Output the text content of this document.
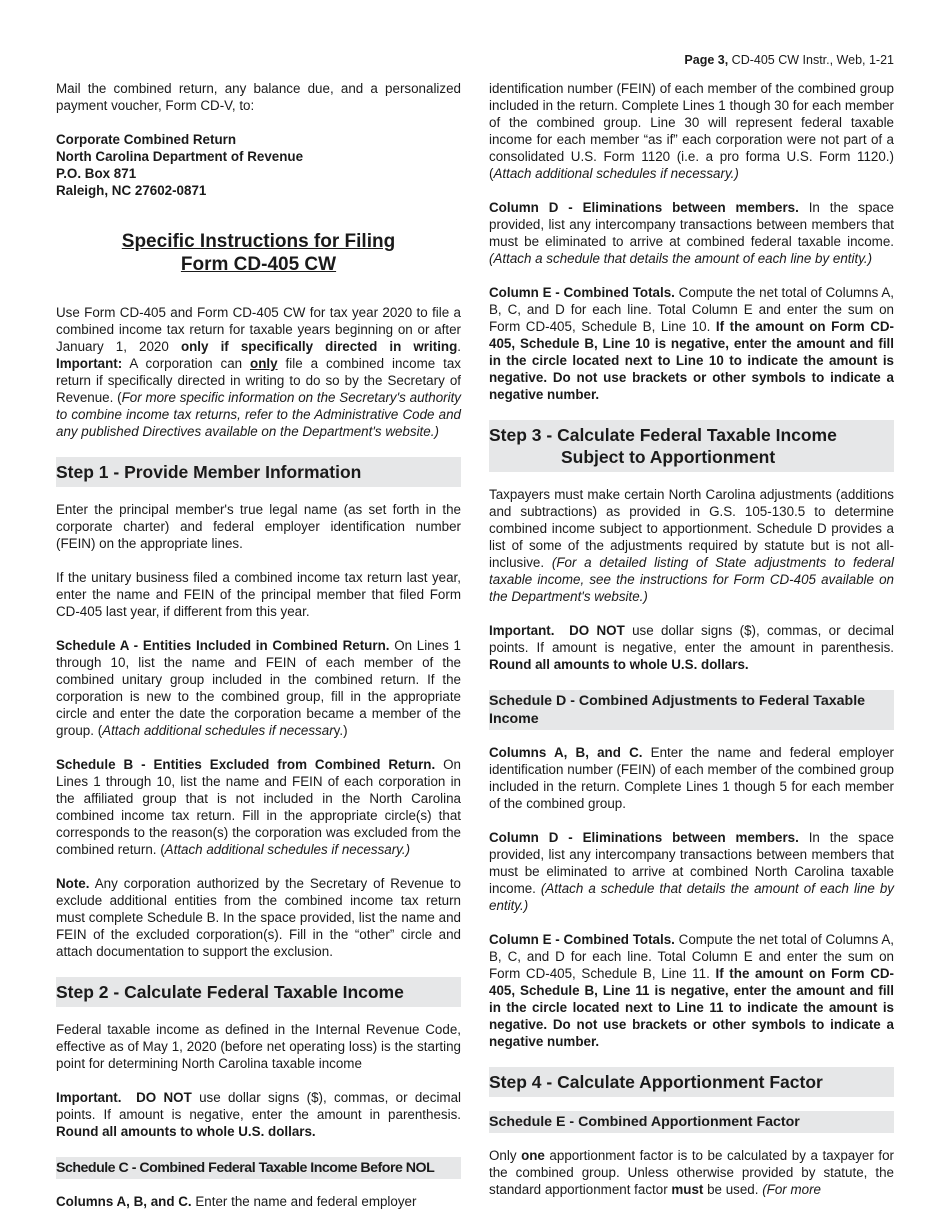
Page 3, CD-405 CW Instr., Web, 1-21

Mail the combined return, any balance due, and a personalized payment voucher, Form CD-V, to:

Corporate Combined Return
North Carolina Department of Revenue
P.O. Box 871
Raleigh, NC 27602-0871
Specific Instructions for Filing
Form CD-405 CW

Use Form CD-405 and Form CD-405 CW for tax year 2020 to file a combined income tax return for taxable years beginning on or after January 1, 2020 only if specifically directed in writing. Important: A corporation can only file a combined income tax return if specifically directed in writing to do so by the Secretary of Revenue. (For more specific information on the Secretary's authority to combine income tax returns, refer to the Administrative Code and any published Directives available on the Department's website.)

Step 1 - Provide Member Information

Enter the principal member's true legal name (as set forth in the corporate charter) and federal employer identification number (FEIN) on the appropriate lines.

If the unitary business filed a combined income tax return last year, enter the name and FEIN of the principal member that filed Form CD-405 last year, if different from this year.

Schedule A - Entities Included in Combined Return. On Lines 1 through 10, list the name and FEIN of each member of the combined unitary group included in the combined return. If the corporation is new to the combined group, fill in the appropriate circle and enter the date the corporation became a member of the group. (Attach additional schedules if necessary.)

Schedule B - Entities Excluded from Combined Return. On Lines 1 through 10, list the name and FEIN of each corporation in the affiliated group that is not included in the North Carolina combined income tax return. Fill in the appropriate circle(s) that corresponds to the reason(s) the corporation was excluded from the combined return. (Attach additional schedules if necessary.)

Note. Any corporation authorized by the Secretary of Revenue to exclude additional entities from the combined income tax return must complete Schedule B. In the space provided, list the name and FEIN of the excluded corporation(s). Fill in the “other” circle and attach documentation to support the exclusion.

Step 2 - Calculate Federal Taxable Income

Federal taxable income as defined in the Internal Revenue Code, effective as of May 1, 2020 (before net operating loss) is the starting point for determining North Carolina taxable income

Important. DO NOT use dollar signs ($), commas, or decimal points. If amount is negative, enter the amount in parenthesis. Round all amounts to whole U.S. dollars.

Schedule C - Combined Federal Taxable Income Before NOL

Columns A, B, and C. Enter the name and federal employer

identification number (FEIN) of each member of the combined group included in the return. Complete Lines 1 though 30 for each member of the combined group. Line 30 will represent federal taxable income for each member “as if” each corporation were not part of a consolidated U.S. Form 1120 (i.e. a pro forma U.S. Form 1120.) (Attach additional schedules if necessary.)

Column D - Eliminations between members. In the space provided, list any intercompany transactions between members that must be eliminated to arrive at combined federal taxable income. (Attach a schedule that details the amount of each line by entity.)

Column E - Combined Totals. Compute the net total of Columns A, B, C, and D for each line. Total Column E and enter the sum on Form CD-405, Schedule B, Line 10. If the amount on Form CD-405, Schedule B, Line 10 is negative, enter the amount and fill in the circle located next to Line 10 to indicate the amount is negative. Do not use brackets or other symbols to indicate a negative number.

Step 3 - Calculate Federal Taxable Income
Subject to Apportionment

Taxpayers must make certain North Carolina adjustments (additions and subtractions) as provided in G.S. 105-130.5 to determine combined income subject to apportionment. Schedule D provides a list of some of the adjustments required by statute but is not all-inclusive. (For a detailed listing of State adjustments to federal taxable income, see the instructions for Form CD-405 available on the Department's website.)

Important. DO NOT use dollar signs ($), commas, or decimal points. If amount is negative, enter the amount in parenthesis. Round all amounts to whole U.S. dollars.

Schedule D - Combined Adjustments to Federal Taxable Income

Columns A, B, and C. Enter the name and federal employer identification number (FEIN) of each member of the combined group included in the return. Complete Lines 1 though 5 for each member of the combined group.

Column D - Eliminations between members. In the space provided, list any intercompany transactions between members that must be eliminated to arrive at combined North Carolina taxable income. (Attach a schedule that details the amount of each line by entity.)

Column E - Combined Totals. Compute the net total of Columns A, B, C, and D for each line. Total Column E and enter the sum on Form CD-405, Schedule B, Line 11. If the amount on Form CD-405, Schedule B, Line 11 is negative, enter the amount and fill in the circle located next to Line 11 to indicate the amount is negative. Do not use brackets or other symbols to indicate a negative number.

Step 4 - Calculate Apportionment Factor
Schedule E - Combined Apportionment Factor

Only one apportionment factor is to be calculated by a taxpayer for the combined group. Unless otherwise provided by statute, the standard apportionment factor must be used. (For more
